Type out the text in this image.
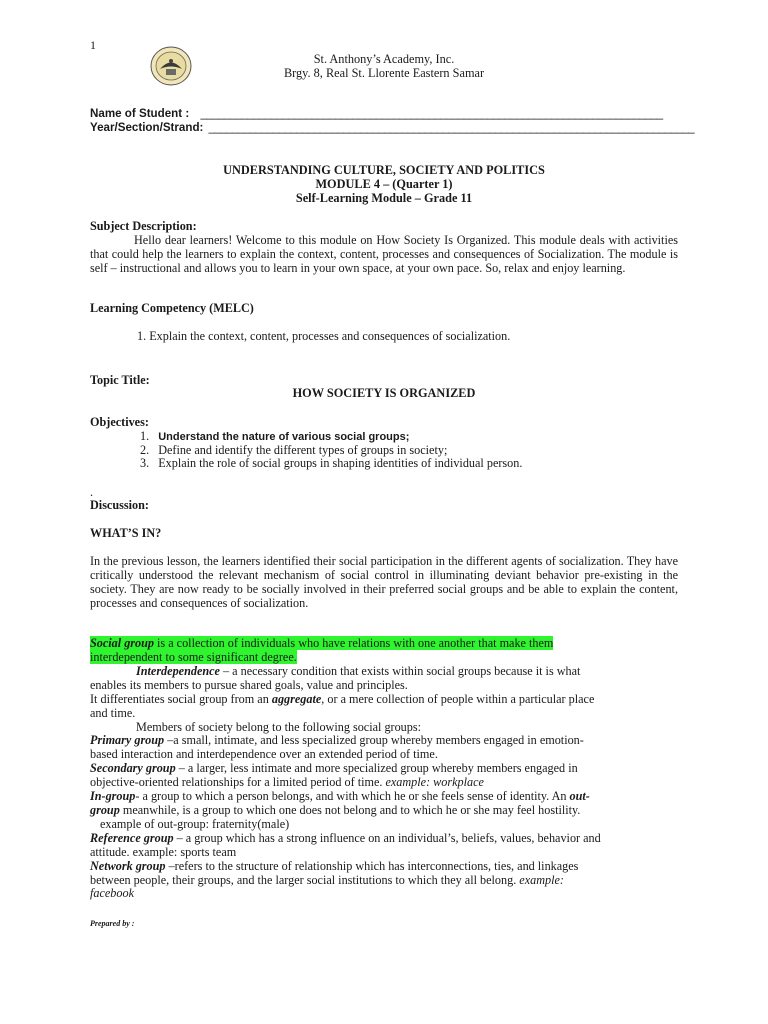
1
St. Anthony’s Academy, Inc.
Brgy. 8, Real St. Llorente Eastern Samar
Name of Student : _______________________________________________________________________________
Year/Section/Strand: ___________________________________________________________________________________
UNDERSTANDING CULTURE, SOCIETY AND POLITICS
MODULE 4 – (Quarter 1)
Self-Learning Module – Grade 11
Subject Description:
Hello dear learners! Welcome to this module on How Society Is Organized. This module deals with activities that could help the learners to explain the context, content, processes and consequences of Socialization. The module is self – instructional and allows you to learn in your own space, at your own pace. So, relax and enjoy learning.
Learning Competency (MELC)
1. Explain the context, content, processes and consequences of socialization.
Topic Title:
HOW SOCIETY IS ORGANIZED
Objectives:
1. Understand the nature of various social groups;
2. Define and identify the different types of groups in society;
3. Explain the role of social groups in shaping identities of individual person.
.
Discussion:
WHAT’S IN?
In the previous lesson, the learners identified their social participation in the different agents of socialization. They have critically understood the relevant mechanism of social control in illuminating deviant behavior pre-existing in the society. They are now ready to be socially involved in their preferred social groups and be able to explain the content, processes and consequences of socialization.
Social group is a collection of individuals who have relations with one another that make them
interdependent to some significant degree.
Interdependence – a necessary condition that exists within social groups because it is what
enables its members to pursue shared goals, value and principles.
It differentiates social group from an aggregate, or a mere collection of people within a particular place
and time.
Members of society belong to the following social groups:
Primary group –a small, intimate, and less specialized group whereby members engaged in emotion-
based interaction and interdependence over an extended period of time.
Secondary group – a larger, less intimate and more specialized group whereby members engaged in
objective-oriented relationships for a limited period of time. example: workplace
In-group- a group to which a person belongs, and with which he or she feels sense of identity. An out-
group meanwhile, is a group to which one does not belong and to which he or she may feel hostility.
example of out-group: fraternity(male)
Reference group – a group which has a strong influence on an individual’s, beliefs, values, behavior and
attitude. example: sports team
Network group –refers to the structure of relationship which has interconnections, ties, and linkages
between people, their groups, and the larger social institutions to which they all belong. example:
facebook
Prepared by :
